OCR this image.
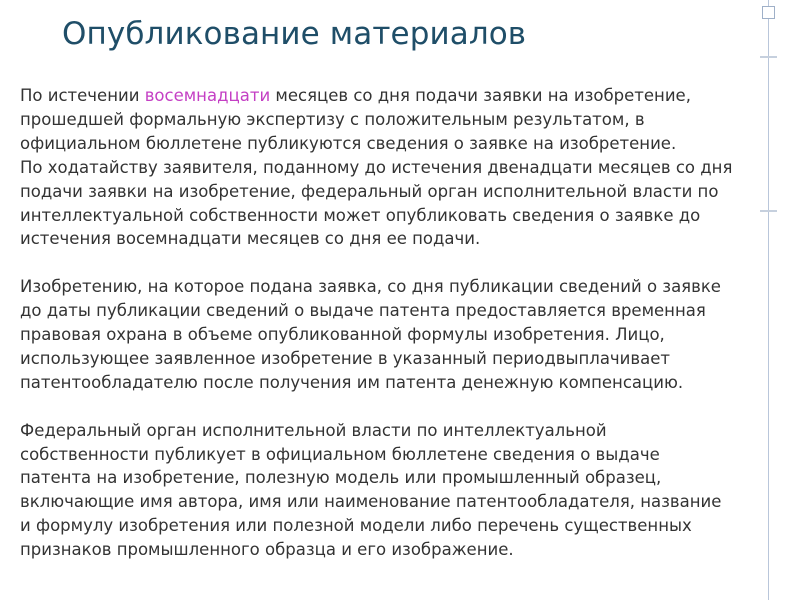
Опубликование материалов

По истечении восемнадцати месяцев со дня подачи заявки на изобретение,
прошедшей формальную экспертизу с положительным результатом, в
официальном бюллетене публикуются сведения о заявке на изобретение.
По ходатайству заявителя, поданному до истечения двенадцати месяцев со дня
подачи заявки на изобретение, федеральный орган исполнительной власти по
интеллектуальной собственности может опубликовать сведения о заявке до
истечения восемнадцати месяцев со дня ее подачи.

Изобретению, на которое подана заявка, со дня публикации сведений о заявке
до даты публикации сведений о выдаче патента предоставляется временная
правовая охрана в объеме опубликованной формулы изобретения. Лицо,
использующее заявленное изобретение в указанный периодвыплачивает
патентообладателю после получения им патента денежную компенсацию.

Федеральный орган исполнительной власти по интеллектуальной
собственности публикует в официальном бюллетене сведения о выдаче
патента на изобретение, полезную модель или промышленный образец,
включающие имя автора, имя или наименование патентообладателя, название
и формулу изобретения или полезной модели либо перечень существенных
признаков промышленного образца и его изображение.
